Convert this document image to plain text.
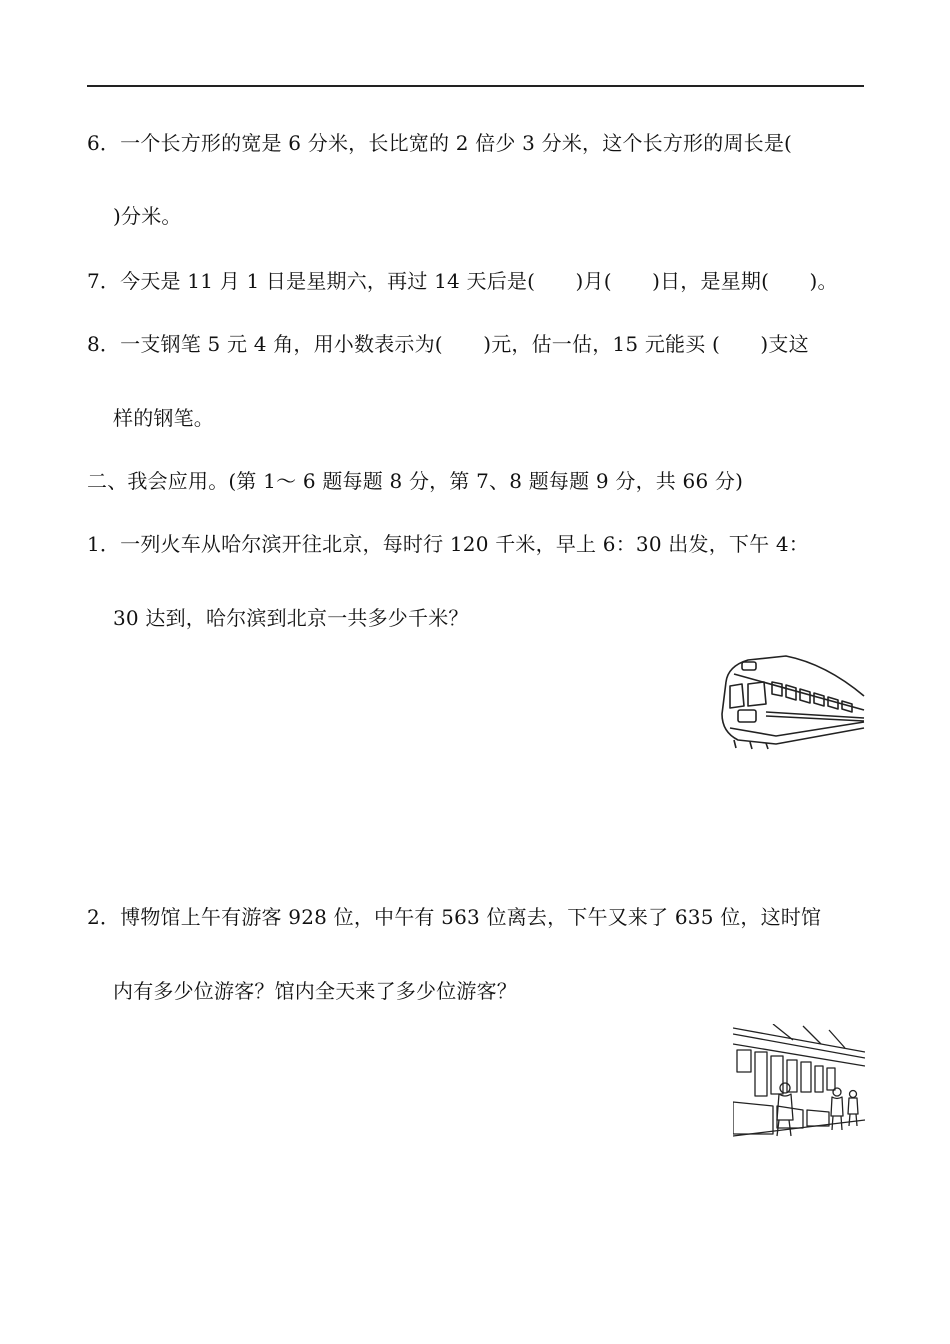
6．一个长方形的宽是 6 分米，长比宽的 2 倍少 3 分米，这个长方形的周长是(
)分米。
7．今天是 11 月 1 日是星期六，再过 14 天后是(　　)月(　　)日，是星期(　　)。
8．一支钢笔 5 元 4 角，用小数表示为(　　)元，估一估，15 元能买 (　　)支这
样的钢笔。
二、我会应用。(第 1～ 6 题每题 8 分，第 7、8 题每题 9 分，共 66 分)
1．一列火车从哈尔滨开往北京，每时行 120 千米，早上 6：30 出发，下午 4：
30 达到，哈尔滨到北京一共多少千米？
2．博物馆上午有游客 928 位，中午有 563 位离去，下午又来了 635 位，这时馆
内有多少位游客？馆内全天来了多少位游客？
